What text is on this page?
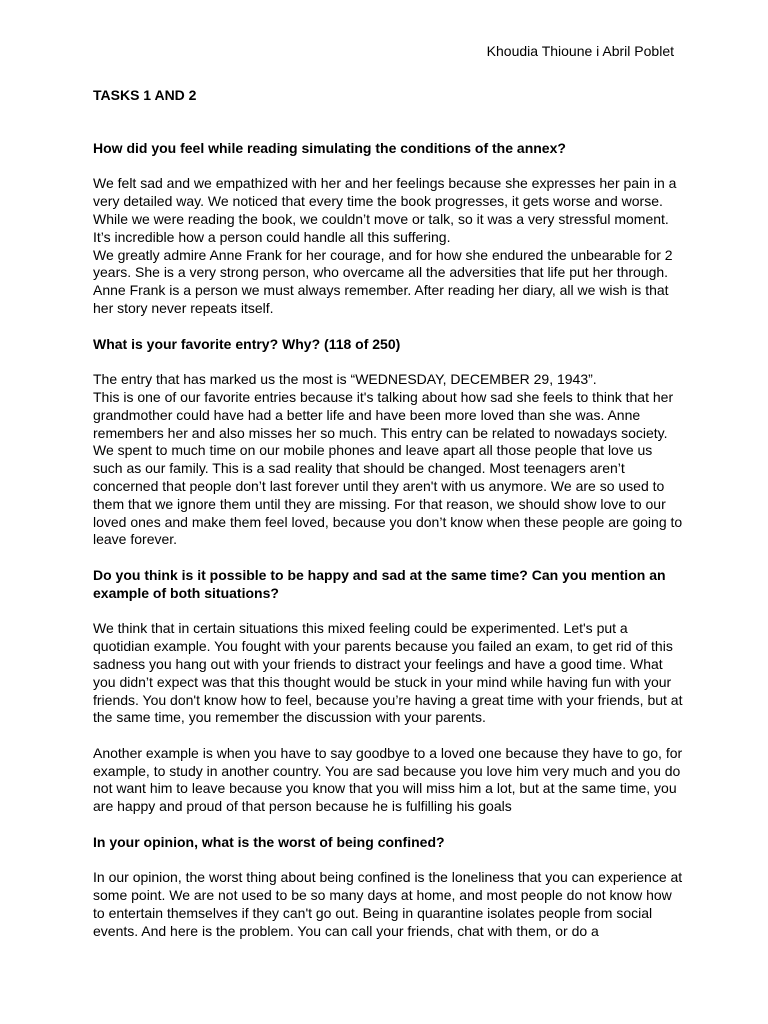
Khoudia Thioune i Abril Poblet

TASKS 1 AND 2

How did you feel while reading simulating the conditions of the annex?

We felt sad and we empathized with her and her feelings because she expresses her pain in a very detailed way. We noticed that every time the book progresses, it gets worse and worse. While we were reading the book, we couldn’t move or talk, so it was a very stressful moment. It’s incredible how a person could handle all this suffering.

We greatly admire Anne Frank for her courage, and for how she endured the unbearable for 2 years. She is a very strong person, who overcame all the adversities that life put her through. Anne Frank is a person we must always remember. After reading her diary, all we wish is that her story never repeats itself.

What is your favorite entry? Why? (118 of 250)

The entry that has marked us the most is “WEDNESDAY, DECEMBER 29, 1943”.

This is one of our favorite entries because it's talking about how sad she feels to think that her grandmother could have had a better life and have been more loved than she was. Anne remembers her and also misses her so much. This entry can be related to nowadays society. We spent to much time on our mobile phones and leave apart all those people that love us such as our family. This is a sad reality that should be changed. Most teenagers aren’t concerned that people don’t last forever until they aren't with us anymore. We are so used to them that we ignore them until they are missing. For that reason, we should show love to our loved ones and make them feel loved, because you don’t know when these people are going to leave forever.

Do you think is it possible to be happy and sad at the same time? Can you mention an example of both situations?

We think that in certain situations this mixed feeling could be experimented. Let's put a quotidian example. You fought with your parents because you failed an exam, to get rid of this sadness you hang out with your friends to distract your feelings and have a good time. What you didn’t expect was that this thought would be stuck in your mind while having fun with your friends. You don't know how to feel, because you’re having a great time with your friends, but at the same time, you remember the discussion with your parents.

Another example is when you have to say goodbye to a loved one because they have to go, for example, to study in another country. You are sad because you love him very much and you do not want him to leave because you know that you will miss him a lot, but at the same time, you are happy and proud of that person because he is fulfilling his goals

In your opinion, what is the worst of being confined?

In our opinion, the worst thing about being confined is the loneliness that you can experience at some point. We are not used to be so many days at home, and most people do not know how to entertain themselves if they can't go out. Being in quarantine isolates people from social events. And here is the problem. You can call your friends, chat with them, or do a
